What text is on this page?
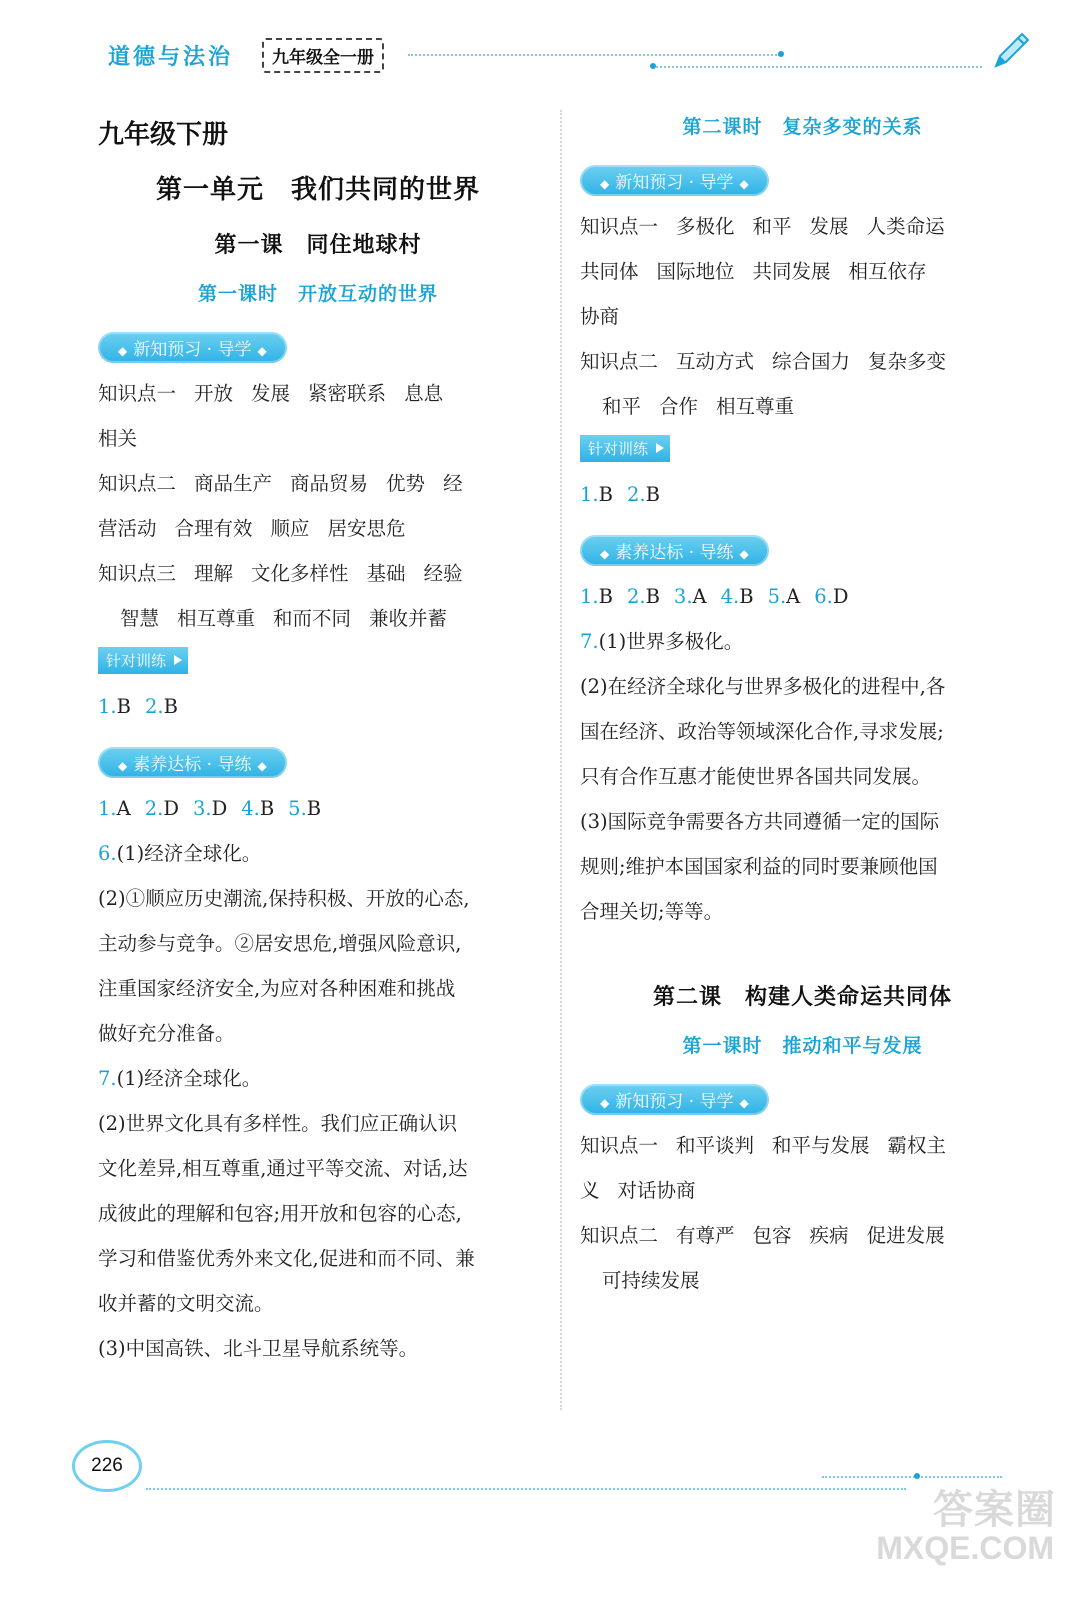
道德与法治	九年级全一册
九年级下册
第一单元　我们共同的世界
第一课　同住地球村
第一课时　开放互动的世界
◆ 新知预习 · 导学 ◆
知识点一 开放 发展 紧密联系 息息
相关
知识点二 商品生产 商品贸易 优势 经
营活动 合理有效 顺应 居安思危
知识点三 理解 文化多样性 基础 经验
智慧 相互尊重 和而不同 兼收并蓄
针对训练
1.B 2.B
◆ 素养达标 · 导练 ◆
1.A 2.D 3.D 4.B 5.B
6.(1)经济全球化。
(2)①顺应历史潮流,保持积极、开放的心态,
主动参与竞争。②居安思危,增强风险意识,
注重国家经济安全,为应对各种困难和挑战
做好充分准备。
7.(1)经济全球化。
(2)世界文化具有多样性。我们应正确认识
文化差异,相互尊重,通过平等交流、对话,达
成彼此的理解和包容;用开放和包容的心态,
学习和借鉴优秀外来文化,促进和而不同、兼
收并蓄的文明交流。
(3)中国高铁、北斗卫星导航系统等。
第二课时　复杂多变的关系
◆ 新知预习 · 导学 ◆
知识点一 多极化 和平 发展 人类命运
共同体 国际地位 共同发展 相互依存
协商
知识点二 互动方式 综合国力 复杂多变
和平 合作 相互尊重
针对训练
1.B 2.B
◆ 素养达标 · 导练 ◆
1.B 2.B 3.A 4.B 5.A 6.D
7.(1)世界多极化。
(2)在经济全球化与世界多极化的进程中,各
国在经济、政治等领域深化合作,寻求发展;
只有合作互惠才能使世界各国共同发展。
(3)国际竞争需要各方共同遵循一定的国际
规则;维护本国国家利益的同时要兼顾他国
合理关切;等等。
第二课　构建人类命运共同体
第一课时　推动和平与发展
◆ 新知预习 · 导学 ◆
知识点一 和平谈判 和平与发展 霸权主
义 对话协商
知识点二 有尊严 包容 疾病 促进发展
可持续发展
226
答案圈
MXQE.COM
